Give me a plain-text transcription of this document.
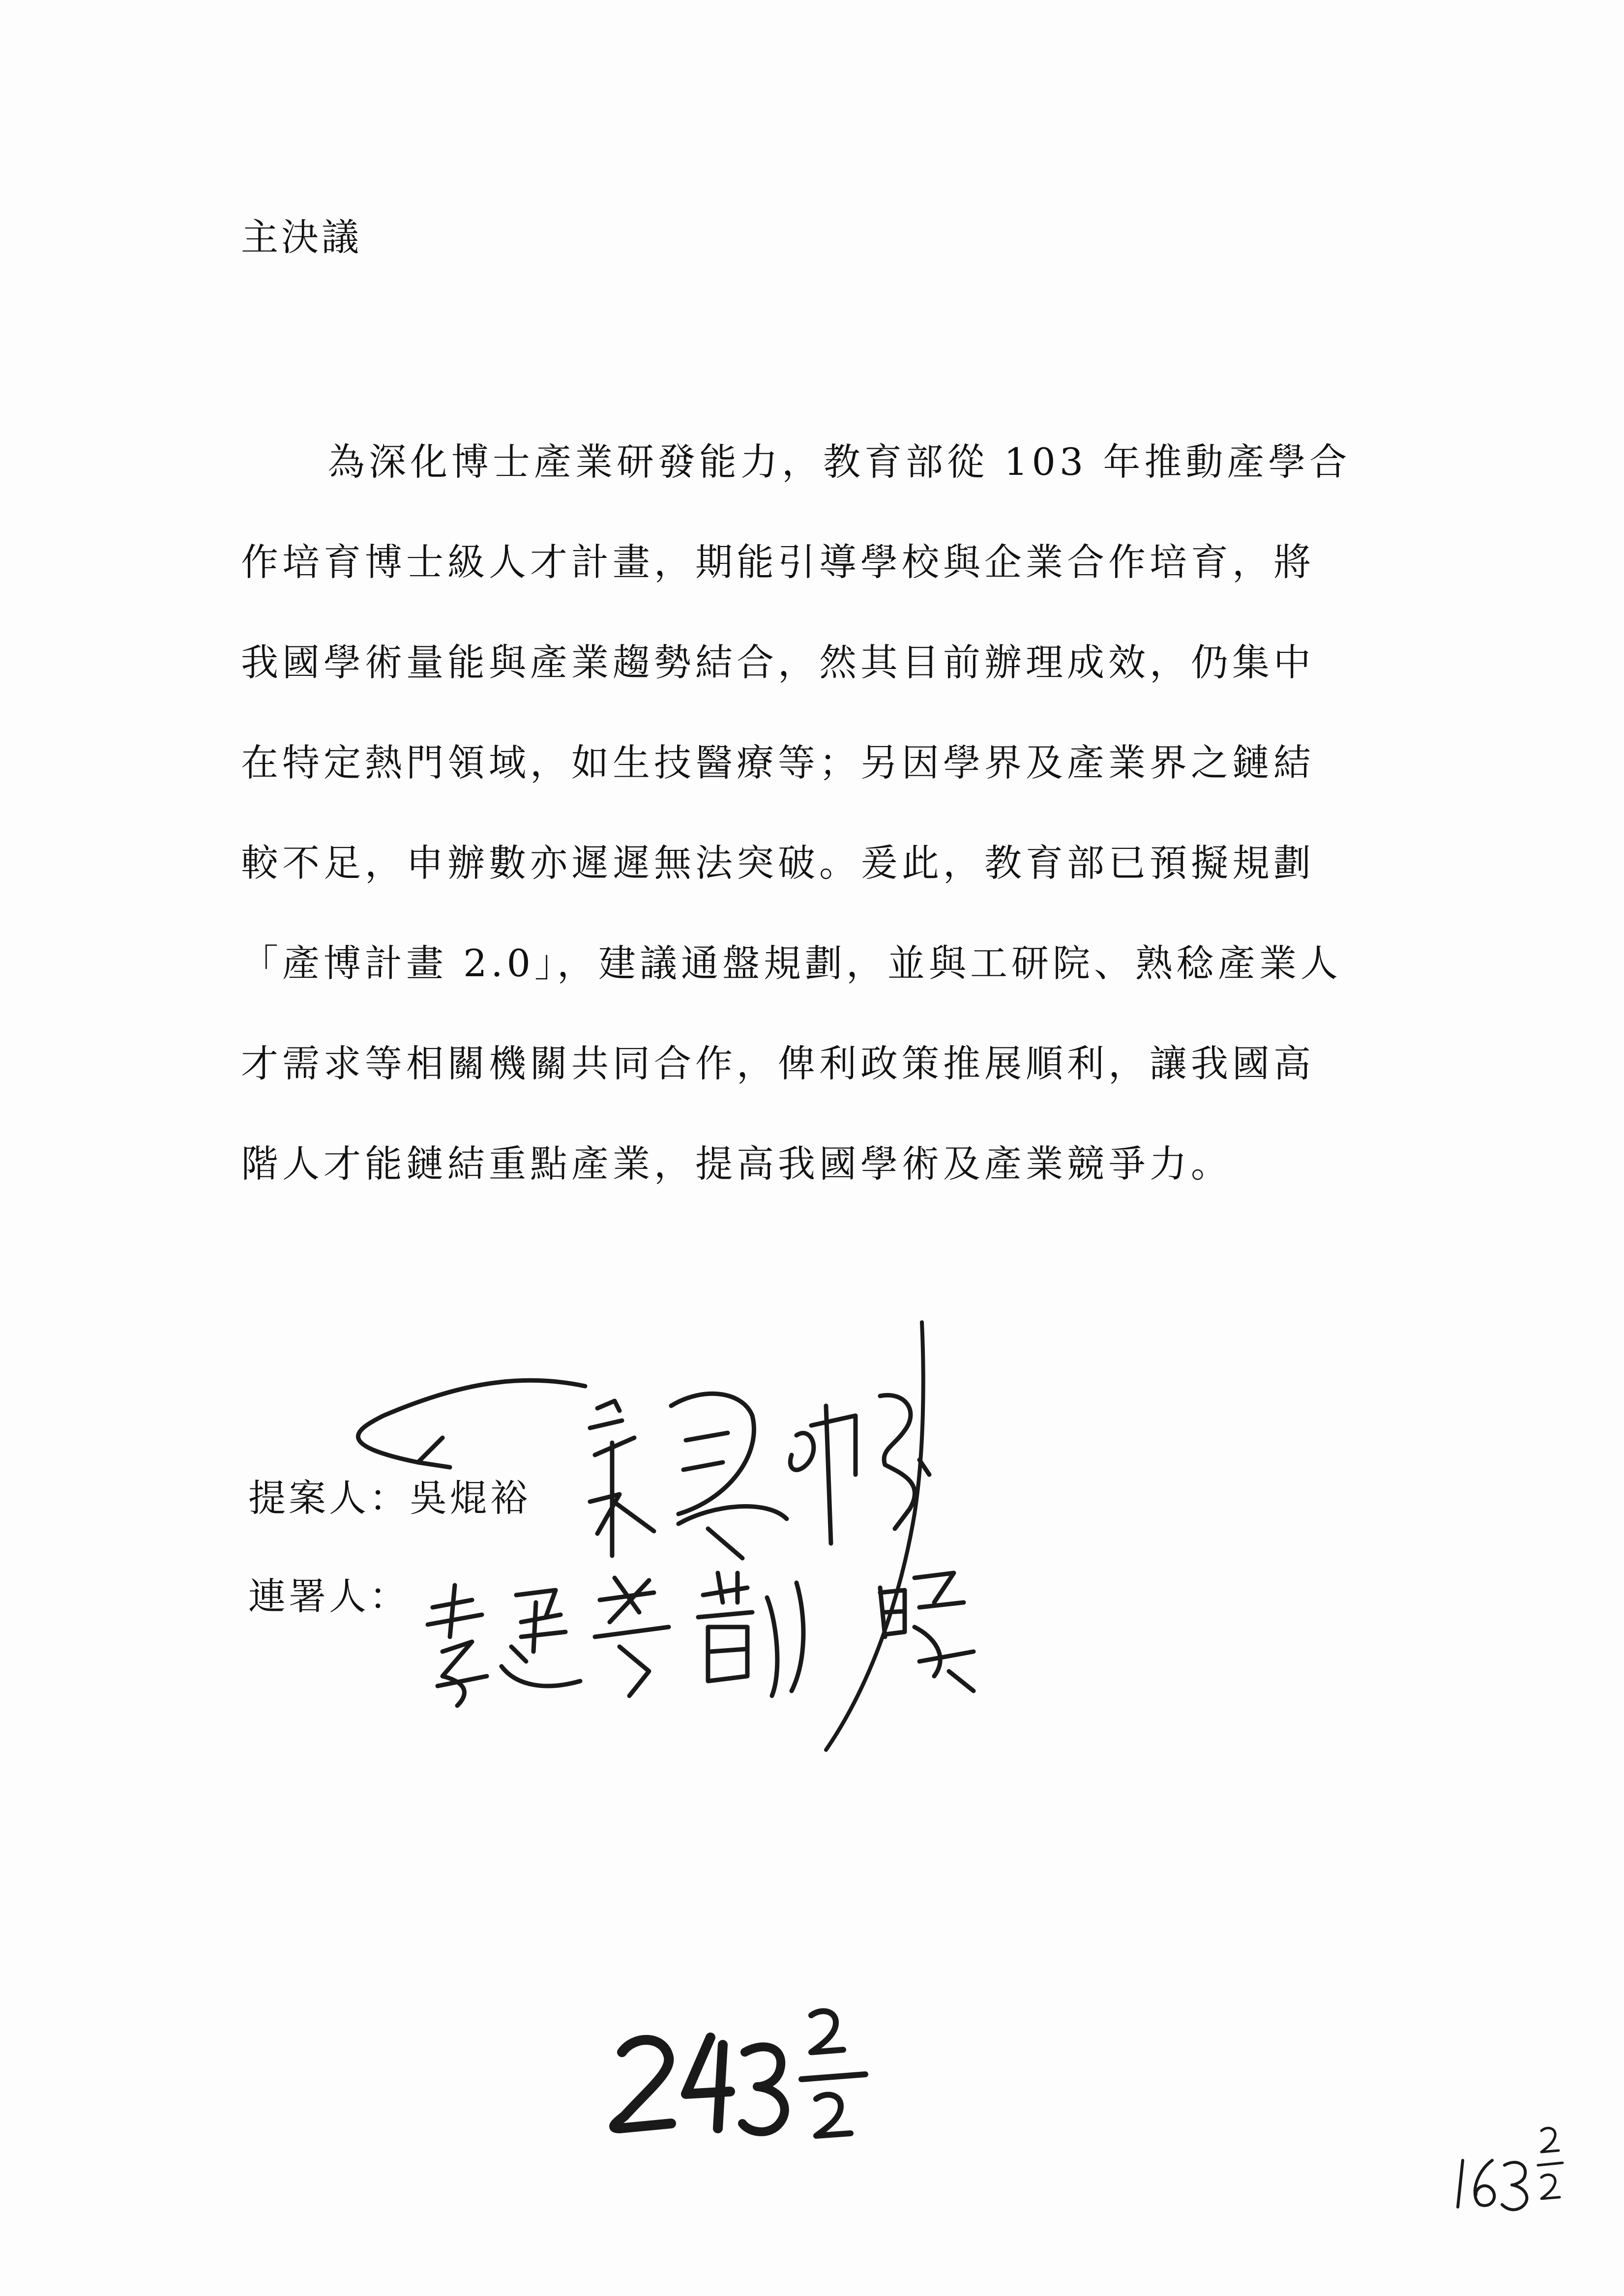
主決議
為深化博士產業研發能力，教育部從 103 年推動產學合
作培育博士級人才計畫，期能引導學校與企業合作培育，將
我國學術量能與產業趨勢結合，然其目前辦理成效，仍集中
在特定熱門領域，如生技醫療等；另因學界及產業界之鏈結
較不足，申辦數亦遲遲無法突破。爰此，教育部已預擬規劃
「產博計畫 2.0」，建議通盤規劃，並與工研院、熟稔產業人
才需求等相關機關共同合作，俾利政策推展順利，讓我國高
階人才能鏈結重點產業，提高我國學術及產業競爭力。
提案人：吳焜裕
連署人：
